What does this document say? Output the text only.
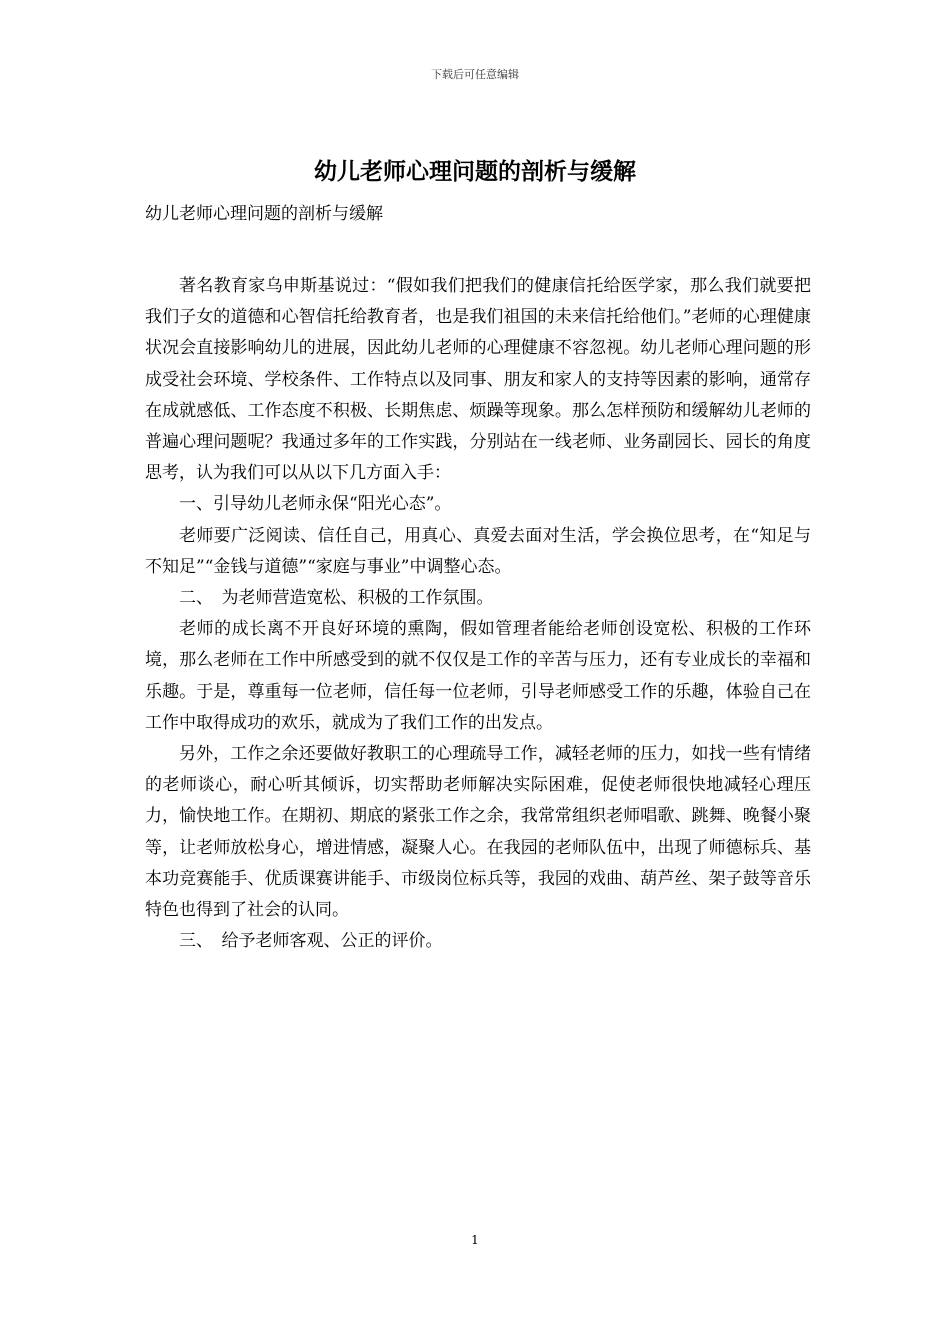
下载后可任意编辑
幼儿老师心理问题的剖析与缓解

幼儿老师心理问题的剖析与缓解

著名教育家乌申斯基说过：“假如我们把我们的健康信托给医学家，那么我们就要把我们子女的道德和心智信托给教育者，也是我们祖国的未来信托给他们。”老师的心理健康状况会直接影响幼儿的进展，因此幼儿老师的心理健康不容忽视。幼儿老师心理问题的形成受社会环境、学校条件、工作特点以及同事、朋友和家人的支持等因素的影响，通常存在成就感低、工作态度不积极、长期焦虑、烦躁等现象。那么怎样预防和缓解幼儿老师的普遍心理问题呢？我通过多年的工作实践，分别站在一线老师、业务副园长、园长的角度思考，认为我们可以从以下几方面入手：

一、引导幼儿老师永保“阳光心态”。

老师要广泛阅读、信任自己，用真心、真爱去面对生活，学会换位思考，在“知足与不知足”“金钱与道德”“家庭与事业”中调整心态。

二、　为老师营造宽松、积极的工作氛围。

老师的成长离不开良好环境的熏陶，假如管理者能给老师创设宽松、积极的工作环境，那么老师在工作中所感受到的就不仅仅是工作的辛苦与压力，还有专业成长的幸福和乐趣。于是，尊重每一位老师，信任每一位老师，引导老师感受工作的乐趣，体验自己在工作中取得成功的欢乐，就成为了我们工作的出发点。

另外，工作之余还要做好教职工的心理疏导工作，减轻老师的压力，如找一些有情绪的老师谈心，耐心听其倾诉，切实帮助老师解决实际困难，促使老师很快地减轻心理压力，愉快地工作。在期初、期底的紧张工作之余，我常常组织老师唱歌、跳舞、晚餐小聚等，让老师放松身心，增进情感，凝聚人心。在我园的老师队伍中，出现了师德标兵、基本功竞赛能手、优质课赛讲能手、市级岗位标兵等，我园的戏曲、葫芦丝、架子鼓等音乐特色也得到了社会的认同。

三、　给予老师客观、公正的评价。

1
